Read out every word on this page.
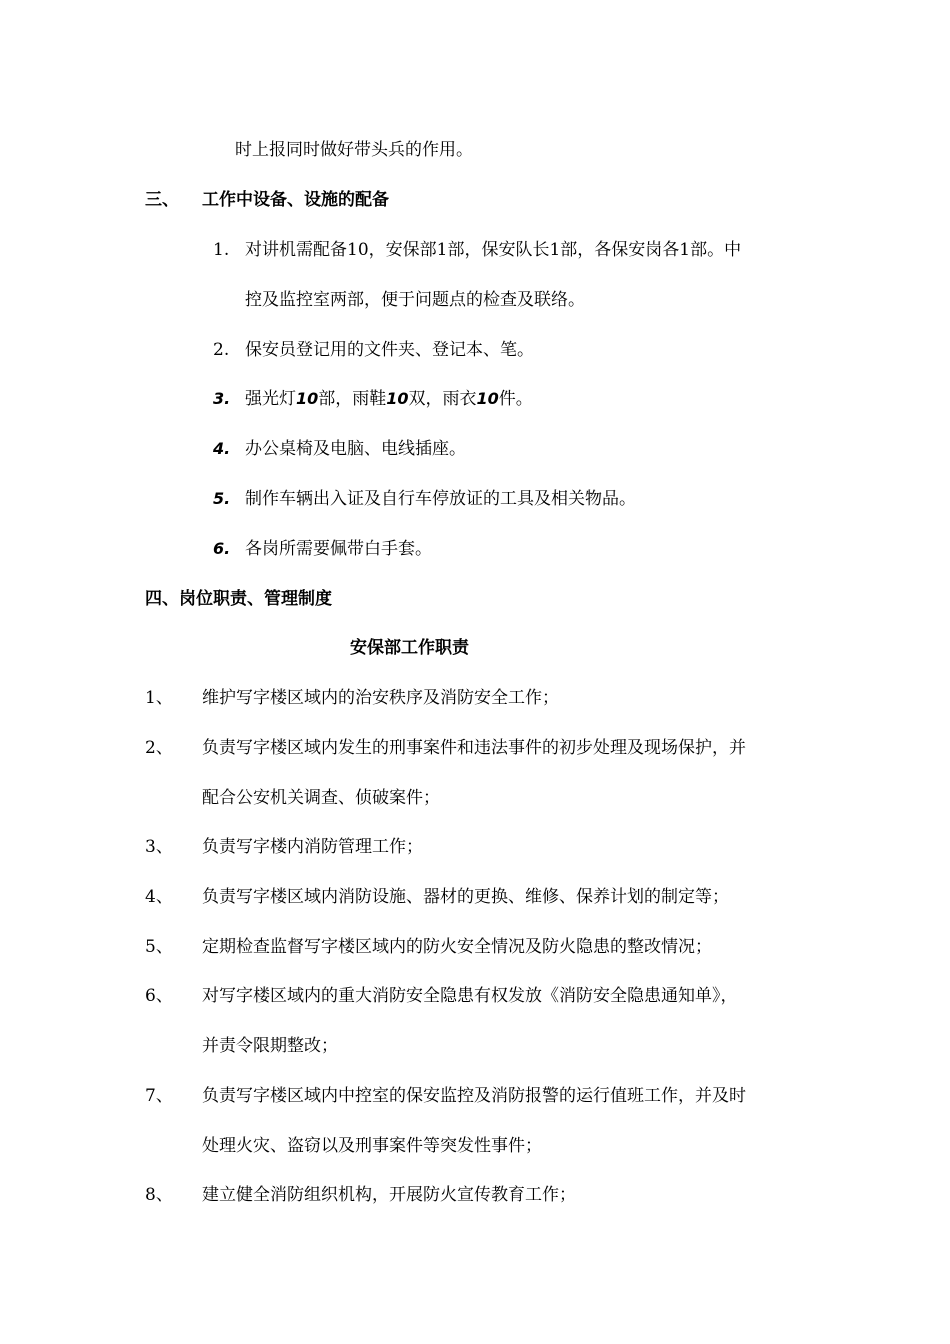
时上报同时做好带头兵的作用。
三、 工作中设备、设施的配备
1. 对讲机需配备10，安保部1部，保安队长1部，各保安岗各1部。中
控及监控室两部，便于问题点的检查及联络。
2. 保安员登记用的文件夹、登记本、笔。
3. 强光灯10部，雨鞋10双，雨衣10件。
4. 办公桌椅及电脑、电线插座。
5. 制作车辆出入证及自行车停放证的工具及相关物品。
6. 各岗所需要佩带白手套。
四、岗位职责、管理制度
安保部工作职责
1、 维护写字楼区域内的治安秩序及消防安全工作；
2、 负责写字楼区域内发生的刑事案件和违法事件的初步处理及现场保护，并
配合公安机关调查、侦破案件；
3、 负责写字楼内消防管理工作；
4、 负责写字楼区域内消防设施、器材的更换、维修、保养计划的制定等；
5、 定期检查监督写字楼区域内的防火安全情况及防火隐患的整改情况；
6、 对写字楼区域内的重大消防安全隐患有权发放《消防安全隐患通知单》，
并责令限期整改；
7、 负责写字楼区域内中控室的保安监控及消防报警的运行值班工作，并及时
处理火灾、盗窃以及刑事案件等突发性事件；
8、 建立健全消防组织机构，开展防火宣传教育工作；
